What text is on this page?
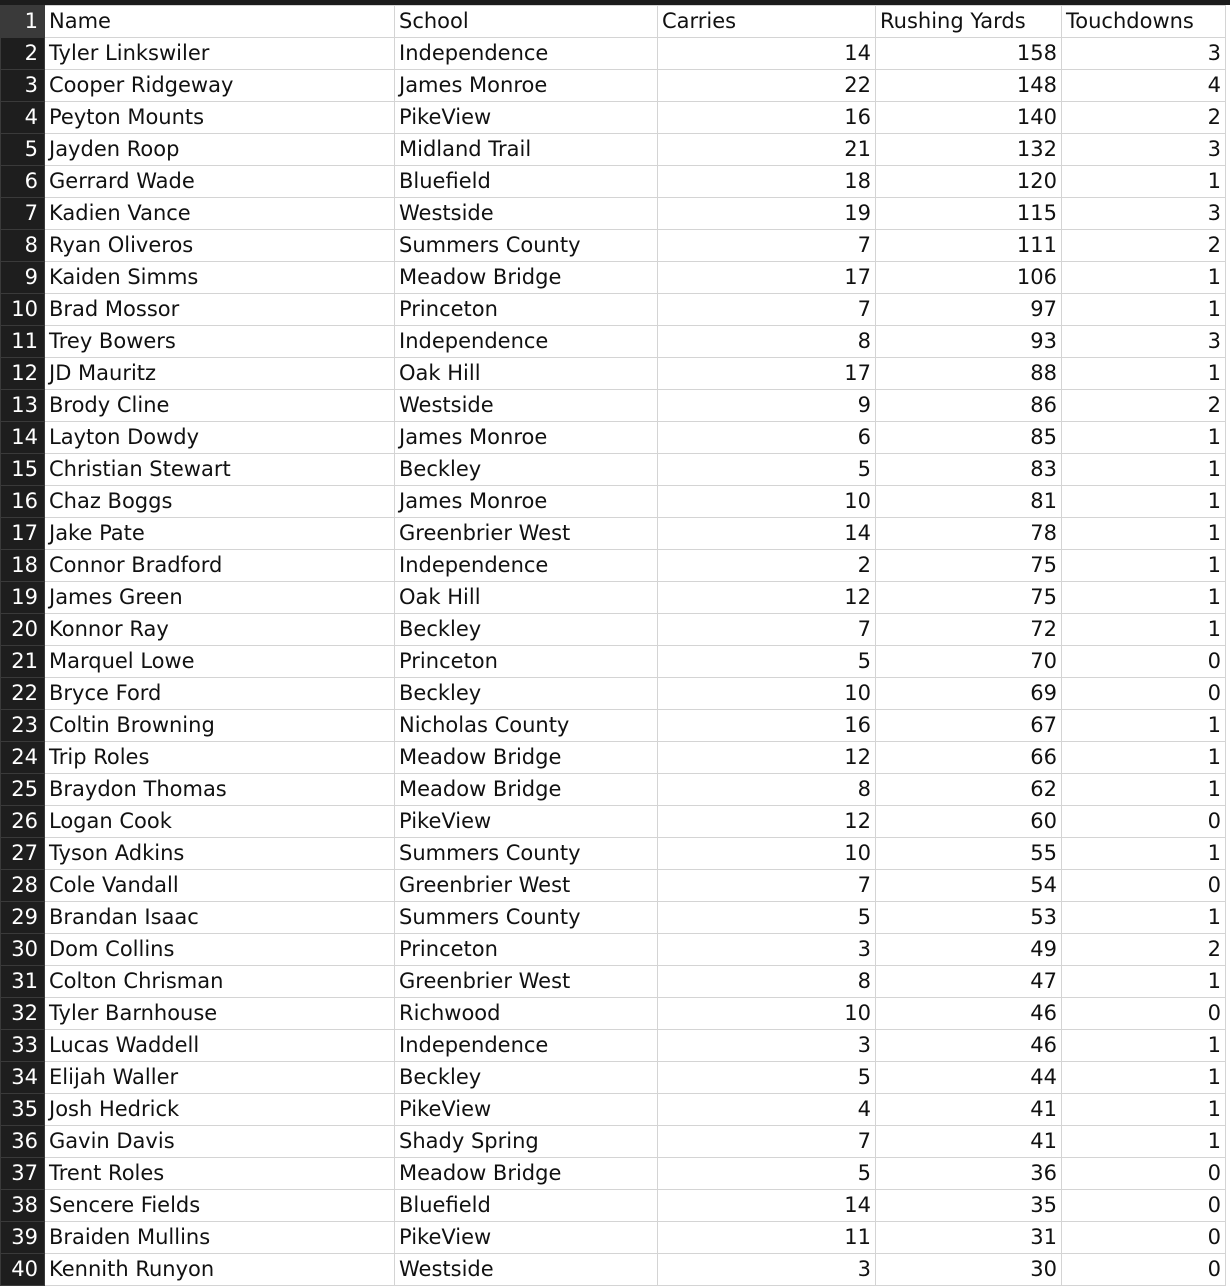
1	Name	School	Carries	Rushing Yards	Touchdowns
2	Tyler Linkswiler	Independence	14	158	3
3	Cooper Ridgeway	James Monroe	22	148	4
4	Peyton Mounts	PikeView	16	140	2
5	Jayden Roop	Midland Trail	21	132	3
6	Gerrard Wade	Bluefield	18	120	1
7	Kadien Vance	Westside	19	115	3
8	Ryan Oliveros	Summers County	7	111	2
9	Kaiden Simms	Meadow Bridge	17	106	1
10	Brad Mossor	Princeton	7	97	1
11	Trey Bowers	Independence	8	93	3
12	JD Mauritz	Oak Hill	17	88	1
13	Brody Cline	Westside	9	86	2
14	Layton Dowdy	James Monroe	6	85	1
15	Christian Stewart	Beckley	5	83	1
16	Chaz Boggs	James Monroe	10	81	1
17	Jake Pate	Greenbrier West	14	78	1
18	Connor Bradford	Independence	2	75	1
19	James Green	Oak Hill	12	75	1
20	Konnor Ray	Beckley	7	72	1
21	Marquel Lowe	Princeton	5	70	0
22	Bryce Ford	Beckley	10	69	0
23	Coltin Browning	Nicholas County	16	67	1
24	Trip Roles	Meadow Bridge	12	66	1
25	Braydon Thomas	Meadow Bridge	8	62	1
26	Logan Cook	PikeView	12	60	0
27	Tyson Adkins	Summers County	10	55	1
28	Cole Vandall	Greenbrier West	7	54	0
29	Brandan Isaac	Summers County	5	53	1
30	Dom Collins	Princeton	3	49	2
31	Colton Chrisman	Greenbrier West	8	47	1
32	Tyler Barnhouse	Richwood	10	46	0
33	Lucas Waddell	Independence	3	46	1
34	Elijah Waller	Beckley	5	44	1
35	Josh Hedrick	PikeView	4	41	1
36	Gavin Davis	Shady Spring	7	41	1
37	Trent Roles	Meadow Bridge	5	36	0
38	Sencere Fields	Bluefield	14	35	0
39	Braiden Mullins	PikeView	11	31	0
40	Kennith Runyon	Westside	3	30	0
